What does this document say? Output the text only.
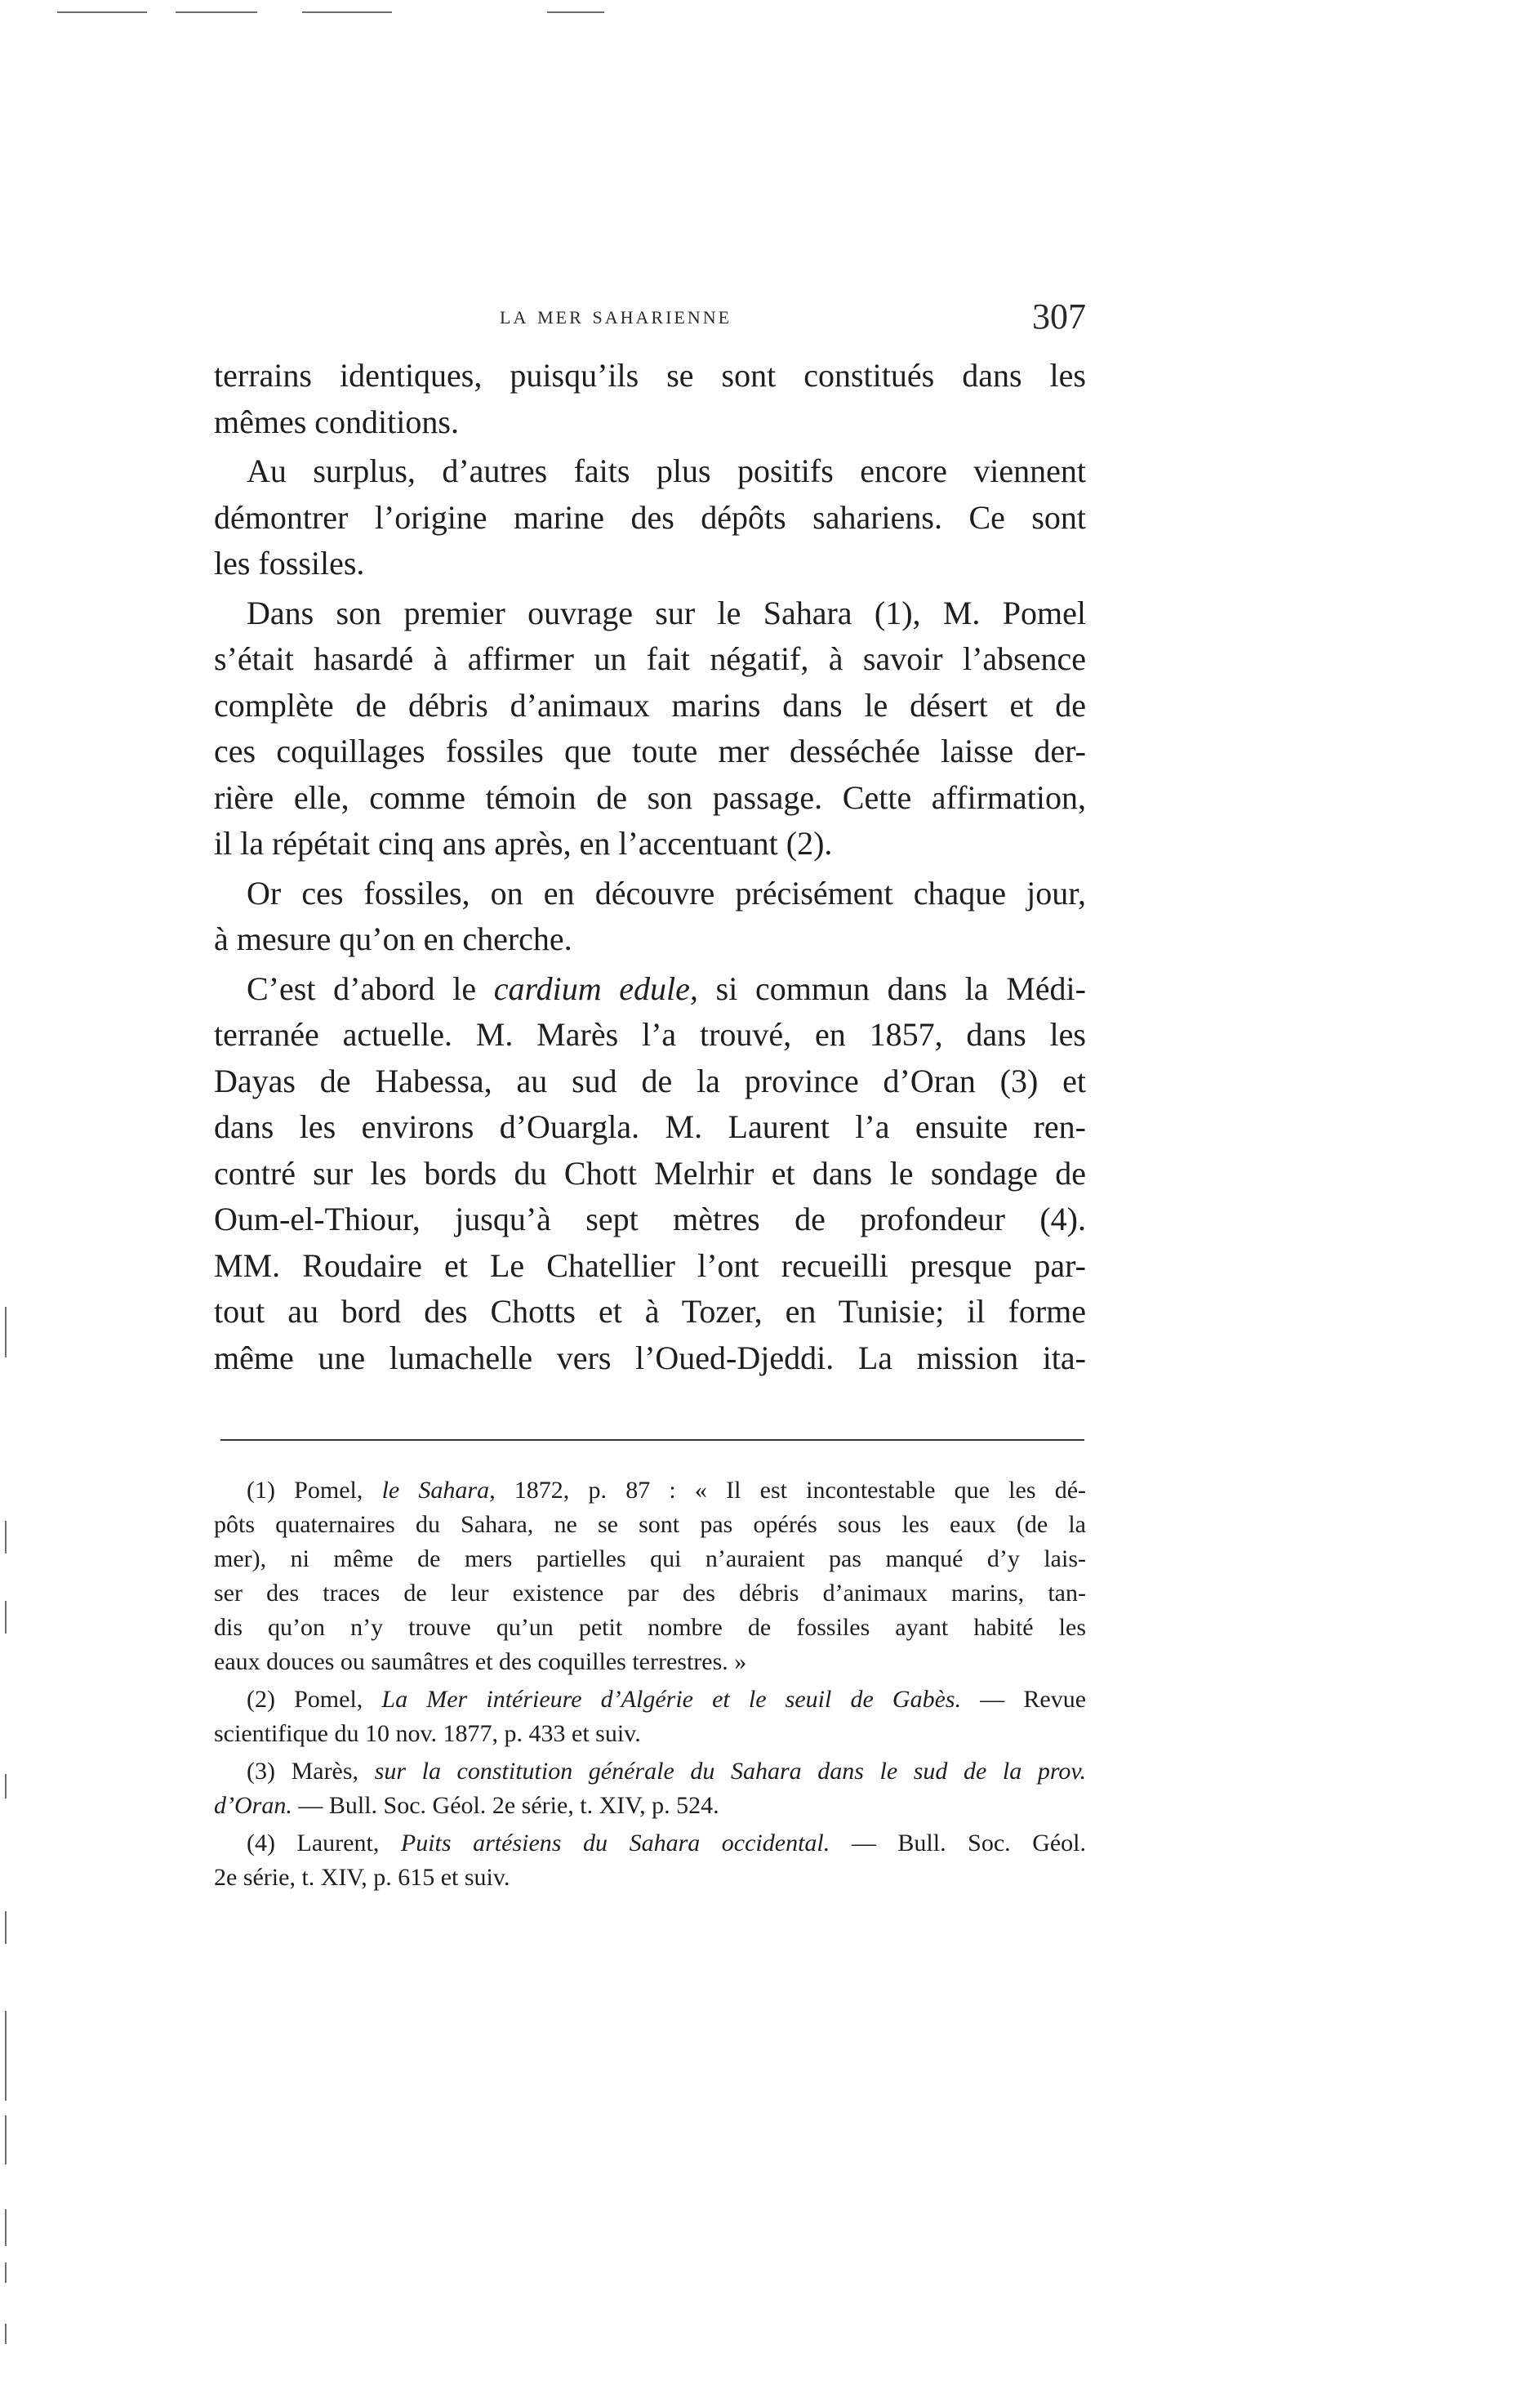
la mer saharienne	307

terrains identiques, puisqu’ils se sont constitués dans les
mêmes conditions.

Au surplus, d’autres faits plus positifs encore viennent
démontrer l’origine marine des dépôts sahariens. Ce sont
les fossiles.

Dans son premier ouvrage sur le Sahara (1), M. Pomel
s’était hasardé à affirmer un fait négatif, à savoir l’absence
complète de débris d’animaux marins dans le désert et de
ces coquillages fossiles que toute mer desséchée laisse der-
rière elle, comme témoin de son passage. Cette affirmation,
il la répétait cinq ans après, en l’accentuant (2).

Or ces fossiles, on en découvre précisément chaque jour,
à mesure qu’on en cherche.

C’est d’abord le cardium edule, si commun dans la Médi-
terranée actuelle. M. Marès l’a trouvé, en 1857, dans les
Dayas de Habessa, au sud de la province d’Oran (3) et
dans les environs d’Ouargla. M. Laurent l’a ensuite ren-
contré sur les bords du Chott Melrhir et dans le sondage de
Oum-el-Thiour, jusqu’à sept mètres de profondeur (4).
MM. Roudaire et Le Chatellier l’ont recueilli presque par-
tout au bord des Chotts et à Tozer, en Tunisie; il forme
même une lumachelle vers l’Oued-Djeddi. La mission ita-

(1) Pomel, le Sahara, 1872, p. 87 : « Il est incontestable que les dé-
pôts quaternaires du Sahara, ne se sont pas opérés sous les eaux (de la
mer), ni même de mers partielles qui n’auraient pas manqué d’y lais-
ser des traces de leur existence par des débris d’animaux marins, tan-
dis qu’on n’y trouve qu’un petit nombre de fossiles ayant habité les
eaux douces ou saumâtres et des coquilles terrestres. »
(2) Pomel, La Mer intérieure d’Algérie et le seuil de Gabès. — Revue
scientifique du 10 nov. 1877, p. 433 et suiv.
(3) Marès, sur la constitution générale du Sahara dans le sud de la prov.
d’Oran. — Bull. Soc. Géol. 2e série, t. XIV, p. 524.
(4) Laurent, Puits artésiens du Sahara occidental. — Bull. Soc. Géol.
2e série, t. XIV, p. 615 et suiv.
